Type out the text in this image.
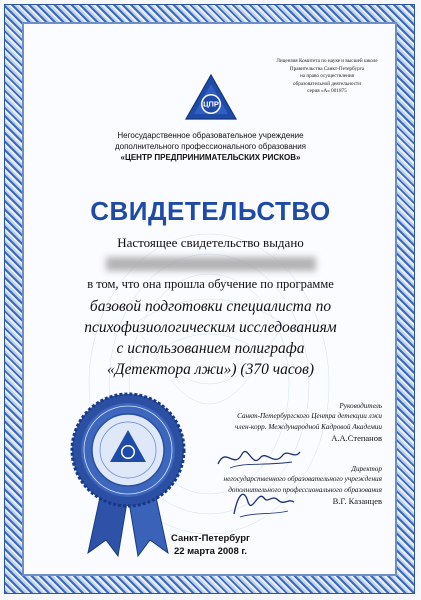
Лицензия Комитета по науке и высшей школе
Правительства Санкт-Петербурга
на право осуществления
образовательной деятельности
серия «А» 001875
ЦПР
Негосударственное образовательное учреждение
дополнительного профессионального образования
«ЦЕНТР ПРЕДПРИНИМАТЕЛЬСКИХ РИСКОВ»
СВИДЕТЕЛЬСТВО
Настоящее свидетельство выдано
в том, что она прошла обучение по программе
базовой подготовки специалиста по
психофизиологическим исследованиям
с использованием полиграфа
«Детектора лжи») (370 часов)
Руководитель
Санкт-Петербургского Центра детекции лжи
член-корр. Международной Кадровой Академии
А.А.Степанов
Директор
негосударственного образовательного учреждения
дополнительного профессионального образования
В.Г. Казанцев
Санкт-Петербург
22 марта 2008 г.
